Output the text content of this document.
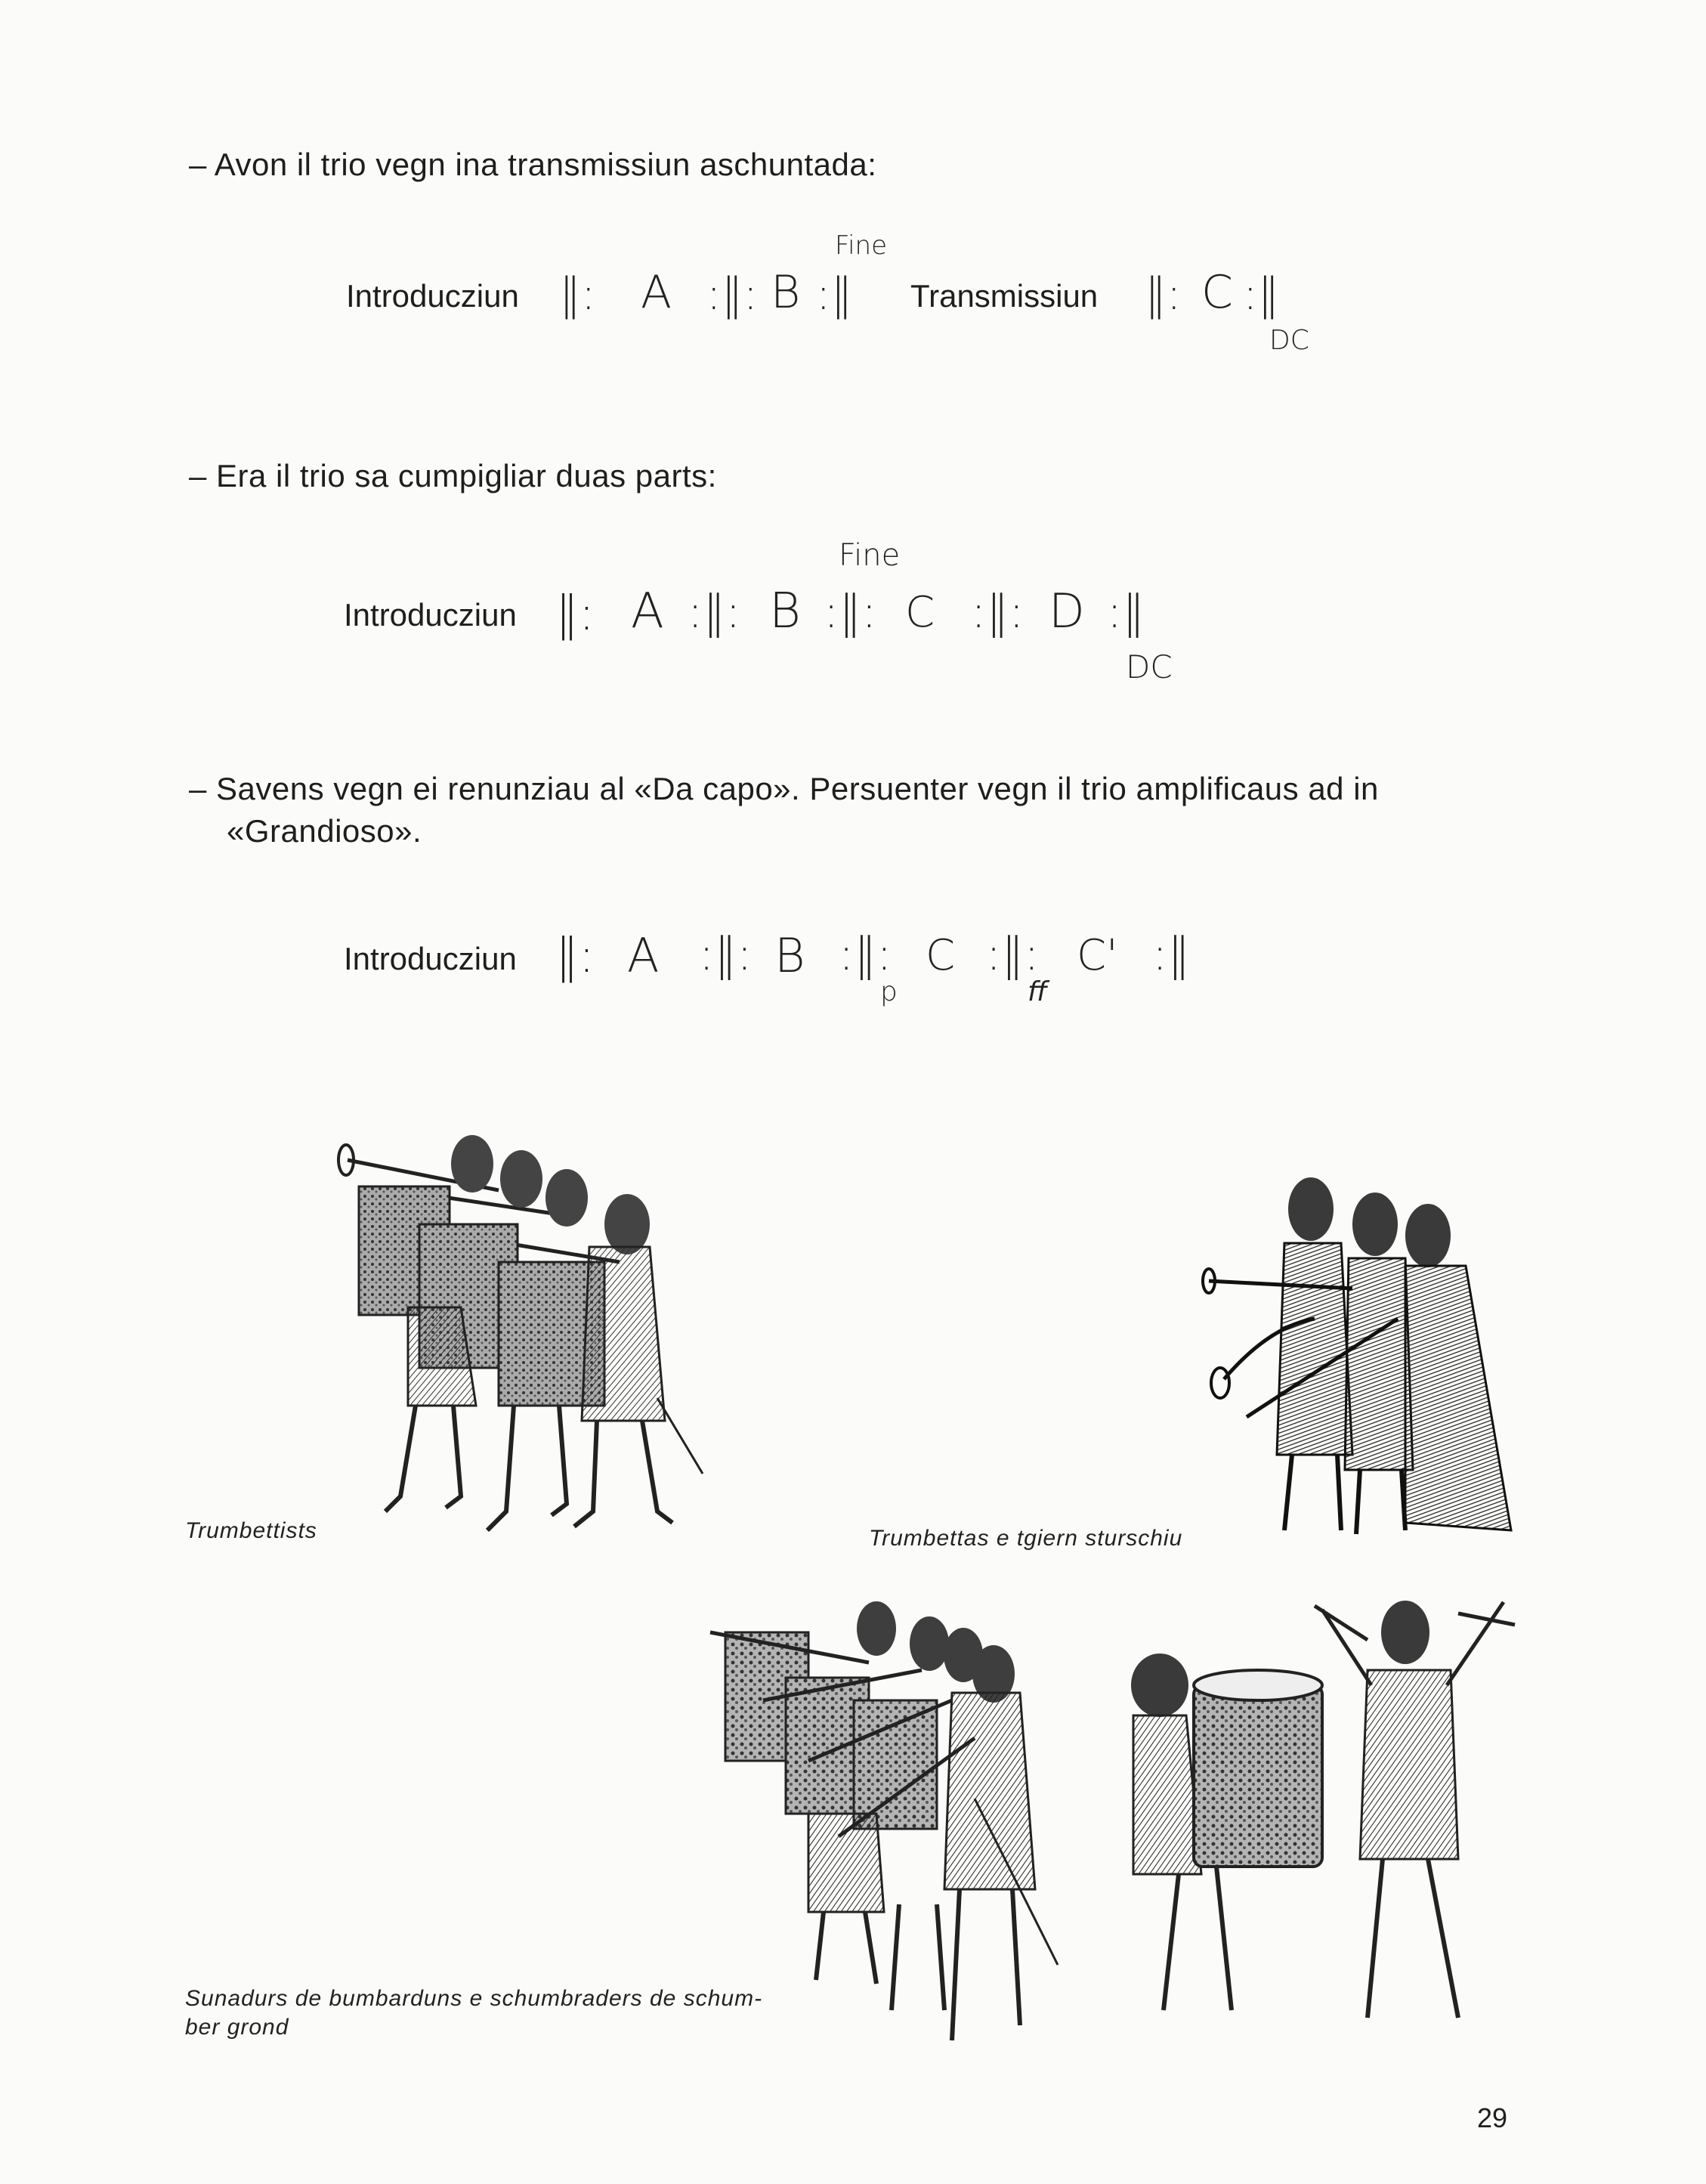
– Avon il trio vegn ina transmissiun aschuntada:
Fine
Introducziun ‖: A :‖: B :‖ Transmissiun ‖: C :‖
DC
– Era il trio sa cumpigliar duas parts:
Fine
Introducziun ‖: A :‖: B :‖: C :‖: D :‖
DC
– Savens vegn ei renunziau al «Da capo». Persuenter vegn il trio amplificaus ad in
«Grandioso».
Introducziun ‖: A :‖: B :‖: C
p
:‖:
ff
C' :‖
Trumbettists	Trumbettas e tgiern sturschiu
Sunadurs de bumbarduns e schumbraders de schum-
ber grond
29
